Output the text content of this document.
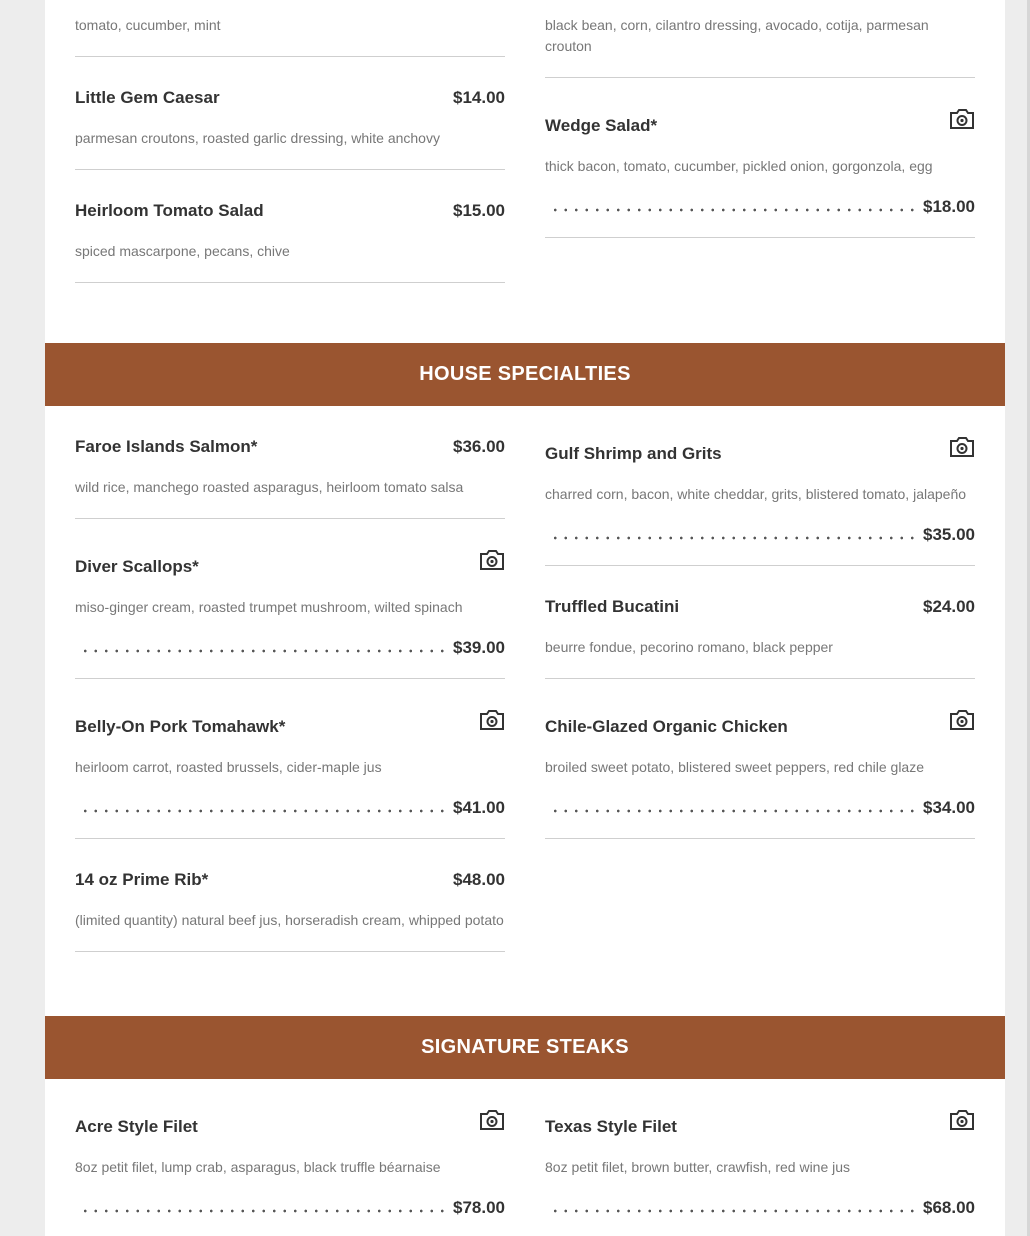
tomato, cucumber, mint
Little Gem Caesar	$14.00
parmesan croutons, roasted garlic dressing, white anchovy
Heirloom Tomato Salad	$15.00
spiced mascarpone, pecans, chive
black bean, corn, cilantro dressing, avocado, cotija, parmesan crouton
Wedge Salad*
thick bacon, tomato, cucumber, pickled onion, gorgonzola, egg
$18.00
HOUSE SPECIALTIES
Faroe Islands Salmon*	$36.00
wild rice, manchego roasted asparagus, heirloom tomato salsa
Diver Scallops*
miso-ginger cream, roasted trumpet mushroom, wilted spinach
$39.00
Belly-On Pork Tomahawk*
heirloom carrot, roasted brussels, cider-maple jus
$41.00
14 oz Prime Rib*	$48.00
(limited quantity) natural beef jus, horseradish cream, whipped potato
Gulf Shrimp and Grits
charred corn, bacon, white cheddar, grits, blistered tomato, jalapeño
$35.00
Truffled Bucatini	$24.00
beurre fondue, pecorino romano, black pepper
Chile-Glazed Organic Chicken
broiled sweet potato, blistered sweet peppers, red chile glaze
$34.00
SIGNATURE STEAKS
Acre Style Filet
8oz petit filet, lump crab, asparagus, black truffle béarnaise
$78.00
Texas Style Filet
8oz petit filet, brown butter, crawfish, red wine jus
$68.00
